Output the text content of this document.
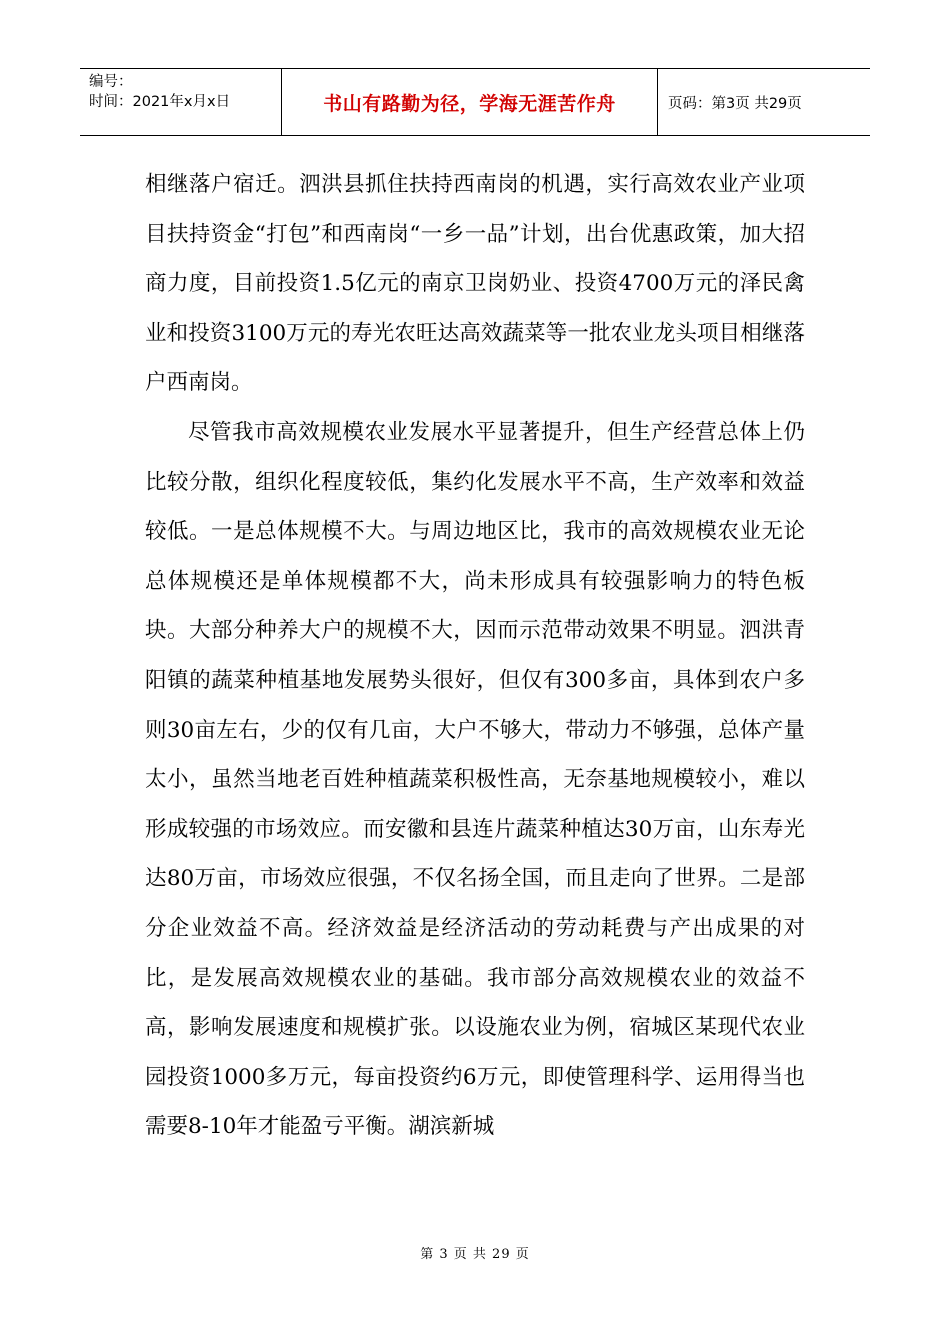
编号：
时间：2021年x月x日	书山有路勤为径，学海无涯苦作舟	页码：第3页 共29页

相继落户宿迁。泗洪县抓住扶持西南岗的机遇，实行高效农业产业项目扶持资金“打包”和西南岗“一乡一品”计划，出台优惠政策，加大招商力度，目前投资1.5亿元的南京卫岗奶业、投资4700万元的泽民禽业和投资3100万元的寿光农旺达高效蔬菜等一批农业龙头项目相继落户西南岗。

尽管我市高效规模农业发展水平显著提升，但生产经营总体上仍比较分散，组织化程度较低，集约化发展水平不高，生产效率和效益较低。一是总体规模不大。与周边地区比，我市的高效规模农业无论总体规模还是单体规模都不大，尚未形成具有较强影响力的特色板块。大部分种养大户的规模不大，因而示范带动效果不明显。泗洪青阳镇的蔬菜种植基地发展势头很好，但仅有300多亩，具体到农户多则30亩左右，少的仅有几亩，大户不够大，带动力不够强，总体产量太小，虽然当地老百姓种植蔬菜积极性高，无奈基地规模较小，难以形成较强的市场效应。而安徽和县连片蔬菜种植达30万亩，山东寿光达80万亩，市场效应很强，不仅名扬全国，而且走向了世界。二是部分企业效益不高。经济效益是经济活动的劳动耗费与产出成果的对比，是发展高效规模农业的基础。我市部分高效规模农业的效益不高，影响发展速度和规模扩张。以设施农业为例，宿城区某现代农业园投资1000多万元，每亩投资约6万元，即使管理科学、运用得当也需要8-10年才能盈亏平衡。湖滨新城

第 3 页 共 29 页
